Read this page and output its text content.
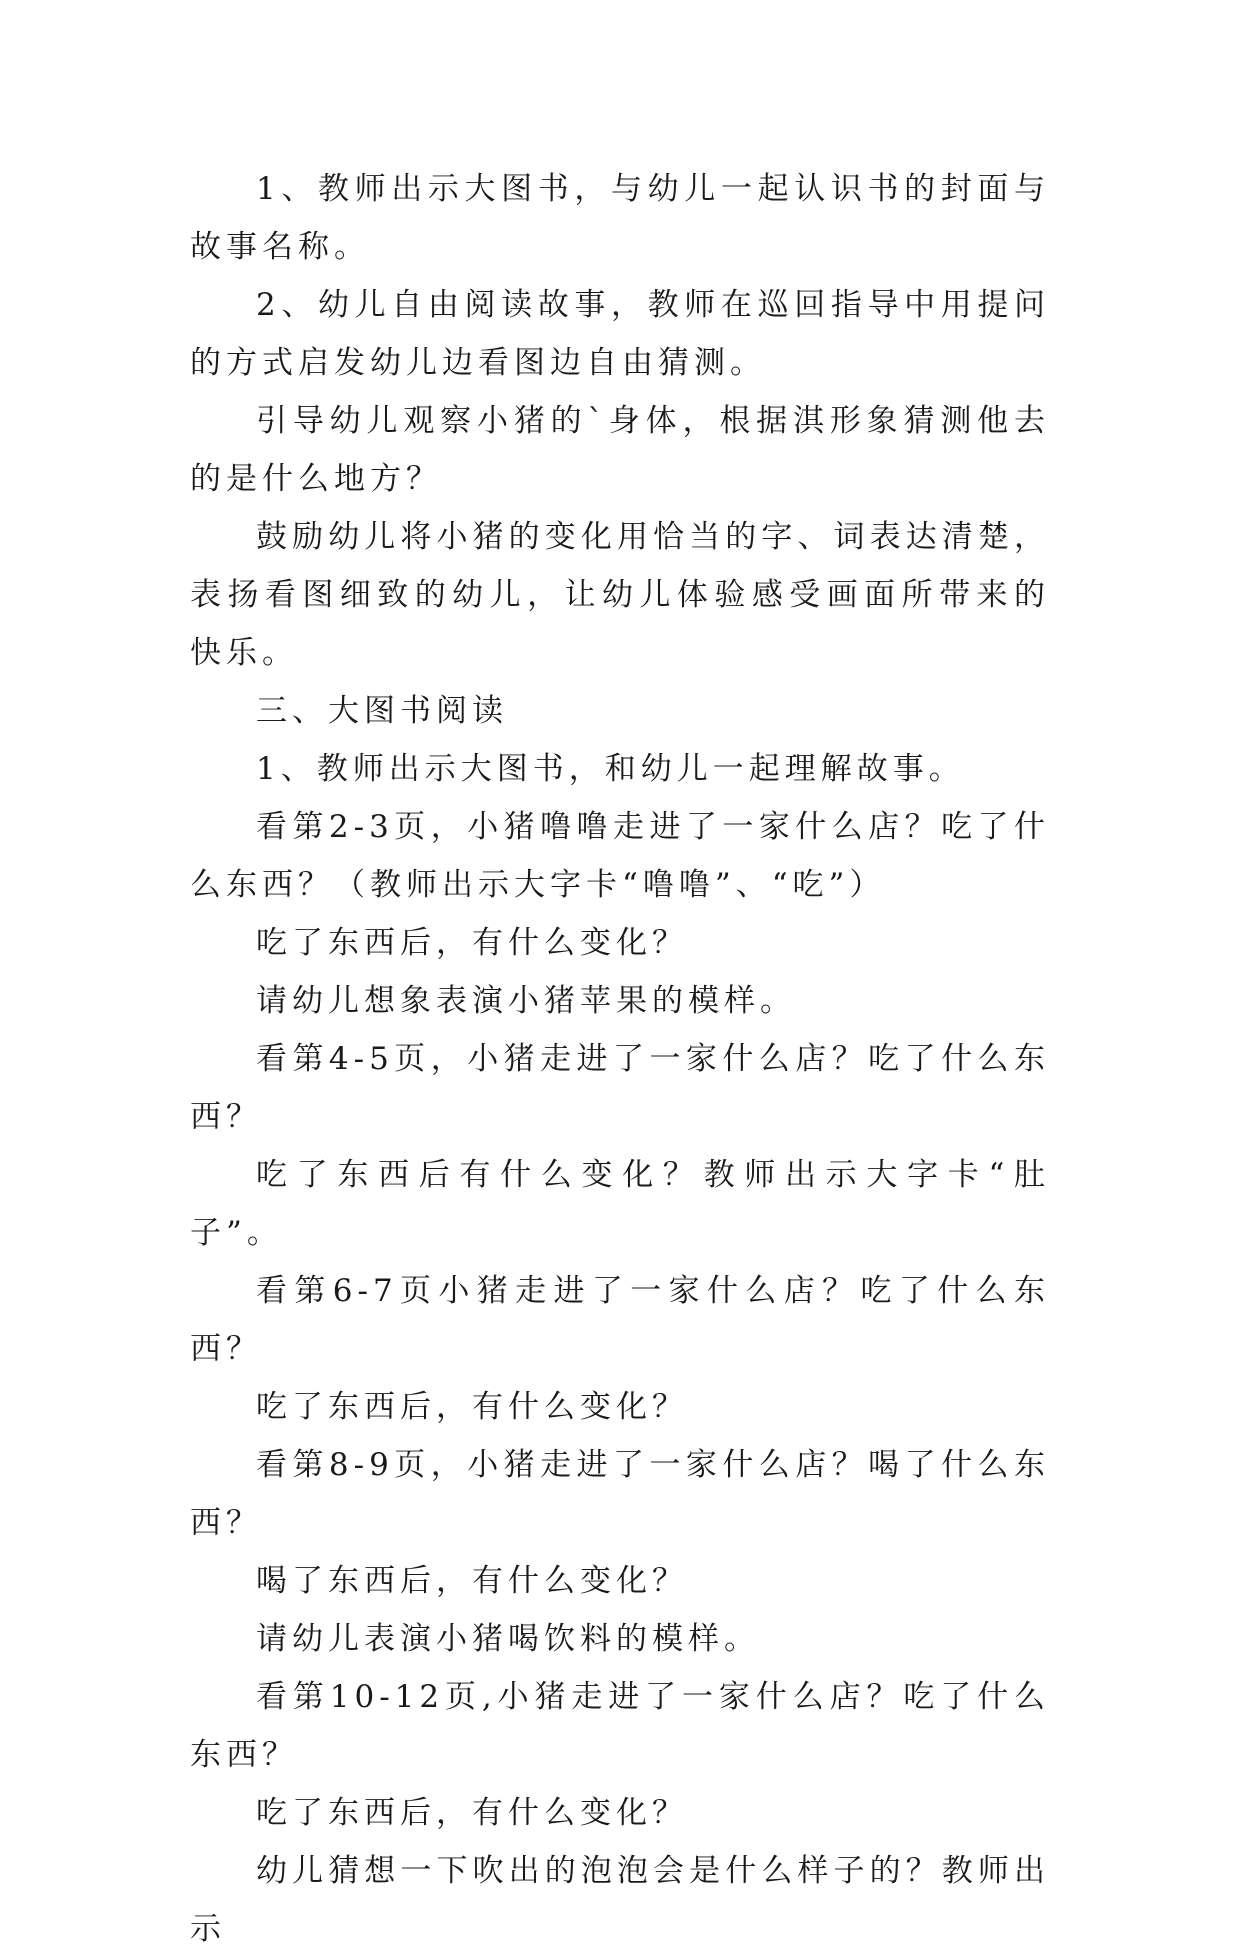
1、教师出示大图书，与幼儿一起认识书的封面与故事名称。

2、幼儿自由阅读故事，教师在巡回指导中用提问的方式启发幼儿边看图边自由猜测。

引导幼儿观察小猪的`身体，根据淇形象猜测他去的是什么地方？

鼓励幼儿将小猪的变化用恰当的字、词表达清楚，表扬看图细致的幼儿，让幼儿体验感受画面所带来的快乐。

三、大图书阅读

1、教师出示大图书，和幼儿一起理解故事。

看第2-3页，小猪噜噜走进了一家什么店？吃了什么东西？（教师出示大字卡“噜噜”、“吃”）

吃了东西后，有什么变化？

请幼儿想象表演小猪苹果的模样。

看第4-5页，小猪走进了一家什么店？吃了什么东西？

吃了东西后有什么变化？教师出示大字卡“肚子”。

看第6-7页小猪走进了一家什么店？吃了什么东西？

吃了东西后，有什么变化？

看第8-9页，小猪走进了一家什么店？喝了什么东西？

喝了东西后，有什么变化？

请幼儿表演小猪喝饮料的模样。

看第10-12页,小猪走进了一家什么店？吃了什么东西？

吃了东西后，有什么变化？

幼儿猜想一下吹出的泡泡会是什么样子的？教师出示
